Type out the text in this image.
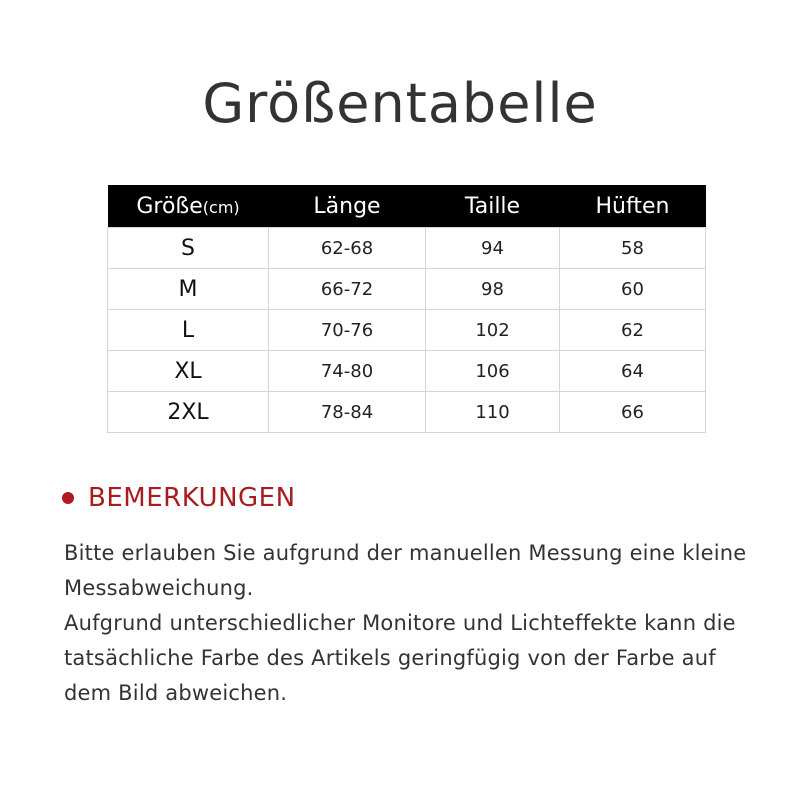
Größentabelle
Größe(cm)	Länge	Taille	Hüften
S	62-68	94	58
M	66-72	98	60
L	70-76	102	62
XL	74-80	106	64
2XL	78-84	110	66
BEMERKUNGEN

Bitte erlauben Sie aufgrund der manuellen Messung eine kleine Messabweichung.

Aufgrund unterschiedlicher Monitore und Lichteffekte kann die tatsächliche Farbe des Artikels geringfügig von der Farbe auf dem Bild abweichen.
